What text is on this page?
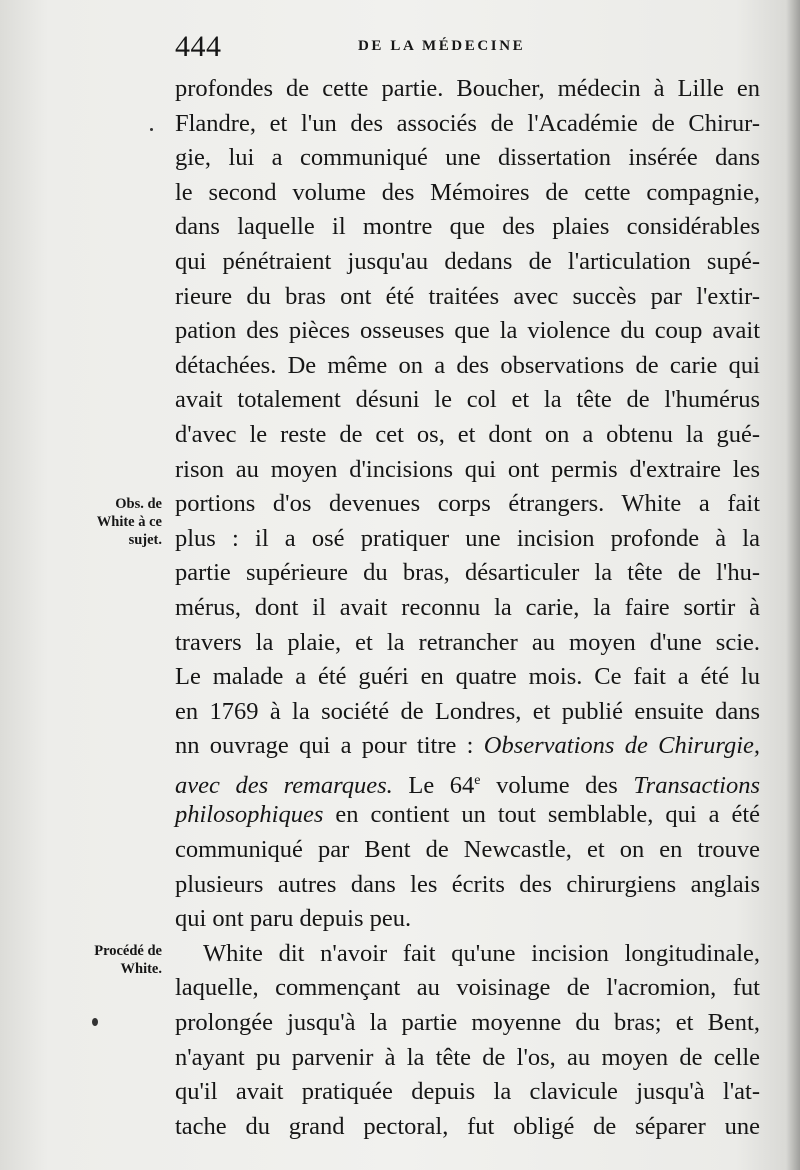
444	DE LA MÉDECINE
Obs. de
White à ce
sujet.
Procédé de
White.
profondes de cette partie. Boucher, médecin à Lille en
Flandre, et l'un des associés de l'Académie de Chirur-
gie, lui a communiqué une dissertation insérée dans
le second volume des Mémoires de cette compagnie,
dans laquelle il montre que des plaies considérables
qui pénétraient jusqu'au dedans de l'articulation supé-
rieure du bras ont été traitées avec succès par l'extir-
pation des pièces osseuses que la violence du coup avait
détachées. De même on a des observations de carie qui
avait totalement désuni le col et la tête de l'humérus
d'avec le reste de cet os, et dont on a obtenu la gué-
rison au moyen d'incisions qui ont permis d'extraire les
portions d'os devenues corps étrangers. White a fait
plus : il a osé pratiquer une incision profonde à la
partie supérieure du bras, désarticuler la tête de l'hu-
mérus, dont il avait reconnu la carie, la faire sortir à
travers la plaie, et la retrancher au moyen d'une scie.
Le malade a été guéri en quatre mois. Ce fait a été lu
en 1769 à la société de Londres, et publié ensuite dans
nn ouvrage qui a pour titre : Observations de Chirurgie,
avec des remarques. Le 64e volume des Transactions
philosophiques en contient un tout semblable, qui a été
communiqué par Bent de Newcastle, et on en trouve
plusieurs autres dans les écrits des chirurgiens anglais
qui ont paru depuis peu.
White dit n'avoir fait qu'une incision longitudinale,
laquelle, commençant au voisinage de l'acromion, fut
prolongée jusqu'à la partie moyenne du bras; et Bent,
n'ayant pu parvenir à la tête de l'os, au moyen de celle
qu'il avait pratiquée depuis la clavicule jusqu'à l'at-
tache du grand pectoral, fut obligé de séparer une
